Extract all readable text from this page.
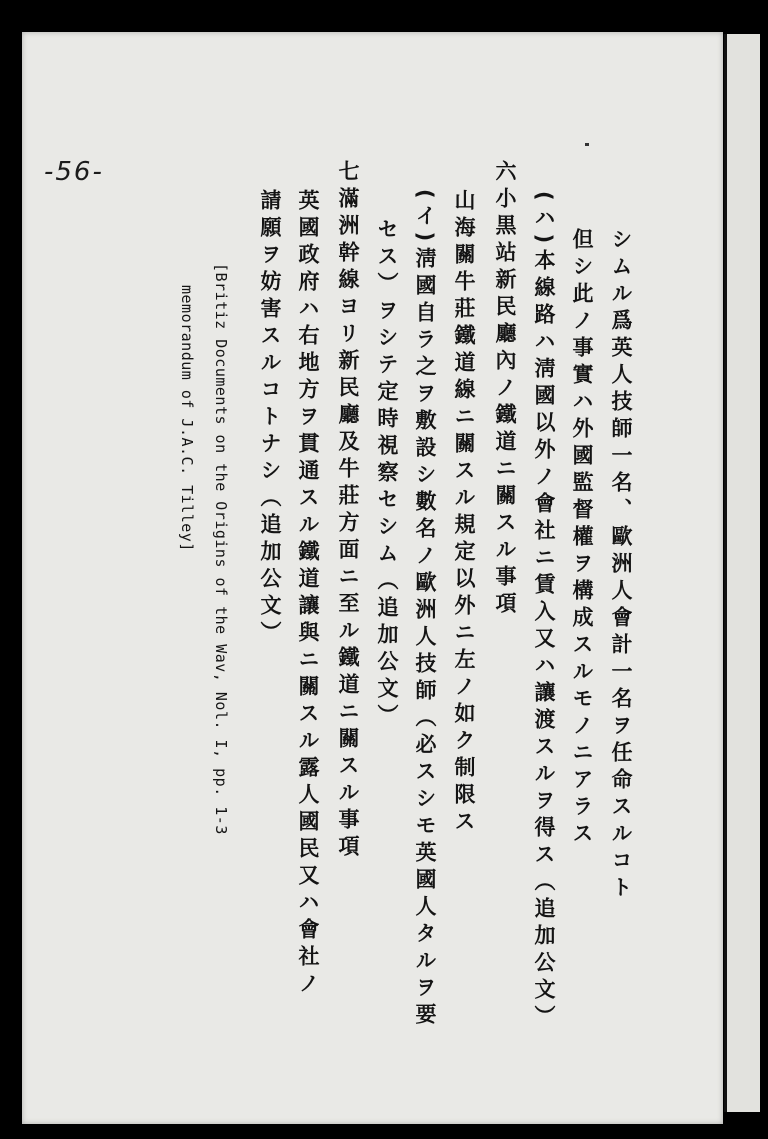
-56-
シムル爲英人技師一名、歐洲人會計一名ヲ任命スルコト
但シ此ノ事實ハ外國監督權ヲ構成スルモノニアラス
(ハ)本線路ハ淸國以外ノ會社ニ賃入又ハ讓渡スルヲ得ス（追加公文）
六小黒站新民廳內ノ鐵道ニ關スル事項
山海關牛莊鐵道線ニ關スル規定以外ニ左ノ如ク制限ス
(イ)淸國自ラ之ヲ敷設シ數名ノ歐洲人技師（必スシモ英國人タルヲ要
セス）ヲシテ定時視察セシム（追加公文）
七滿洲幹線ヨリ新民廳及牛莊方面ニ至ル鐵道ニ關スル事項
英國政府ハ右地方ヲ貫通スル鐵道讓與ニ關スル露人國民又ハ會社ノ
請願ヲ妨害スルコトナシ（追加公文）
[Britiz Documents on the Origins of the Wav, Nol. I, pp. 1-3
memorandum of J.A.C. Tilley]
